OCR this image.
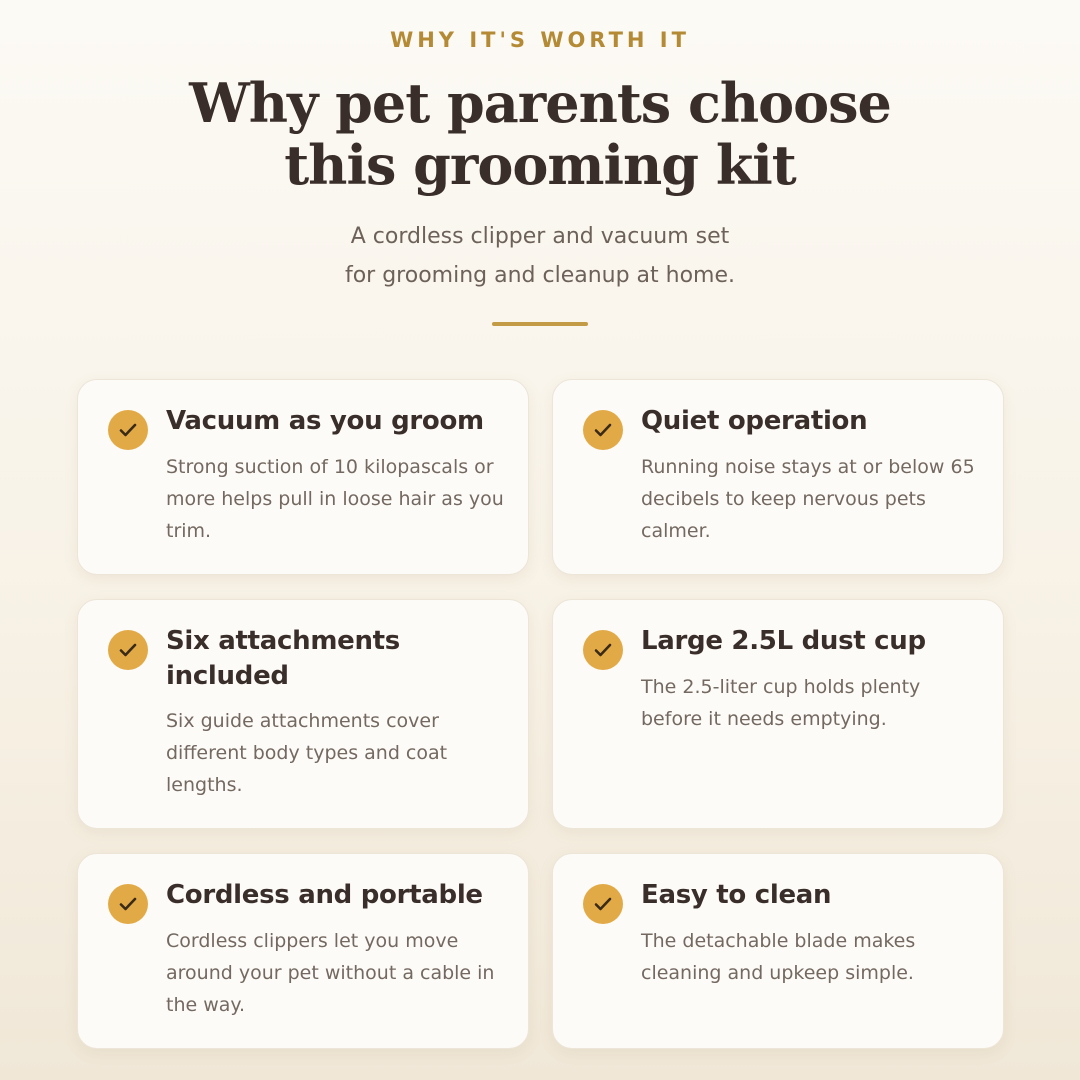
WHY IT'S WORTH IT
Why pet parents choose
this grooming kit

A cordless clipper and vacuum set
for grooming and cleanup at home.

Vacuum as you groom
Strong suction of 10 kilopascals or more helps pull in loose hair as you trim.
Quiet operation
Running noise stays at or below 65 decibels to keep nervous pets calmer.
Six attachments included
Six guide attachments cover different body types and coat lengths.
Large 2.5L dust cup
The 2.5-liter cup holds plenty before it needs emptying.
Cordless and portable
Cordless clippers let you move around your pet without a cable in the way.
Easy to clean
The detachable blade makes cleaning and upkeep simple.
